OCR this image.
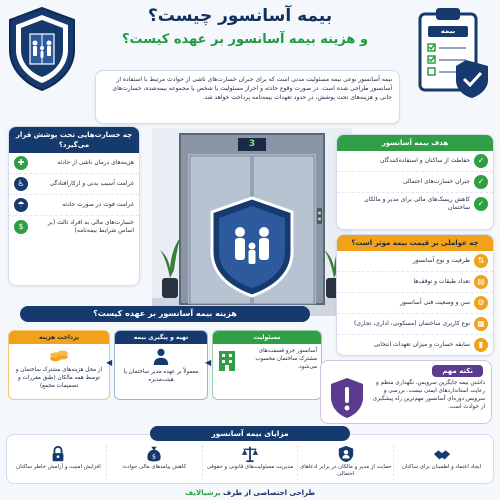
بیمه آسانسور چیست؟
و هزینه بیمه آسانسور بر عهده کیست؟
بیمه
بیمه آسانسور نوعی بیمه مسئولیت مدنی است که برای جبران خسارت‌های ناشی از حوادث مرتبط با استفاده از آسانسور طراحی شده است. در صورت وقوع حادثه و احراز مسئولیت یا شخص یا مجموعه بیمه‌شده، خسارت‌های جانی و هزینه‌های تحت پوشش، در حدود تعهدات بیمه‌نامه پرداخت خواهد شد.
چه خسارت‌هایی تحت پوشش قرار می‌گیرد؟
هزینه‌های درمان ناشی از حادثه
✚
غرامت آسیب بدنی و ازکارافتادگی
♿
غرامت فوت در صورت حادثه
☂
خسارت‌های مالی به افراد ثالث (بر اساس شرایط بیمه‌نامه)
$
3	هدف بیمه آسانسور
✓
حفاظت از ساکنان و استفاده‌کنندگان
✓
جبران خسارت‌های احتمالی
✓
کاهش ریسک‌های مالی برای مدیر و مالکان ساختمان
چه عواملی بر قیمت بیمه موثر است؟
⇅
ظرفیت و نوع آسانسور
▤
تعداد طبقات و توقف‌ها
⚙
سن و وضعیت فنی آسانسور
▦
نوع کاربری ساختمان (مسکونی، اداری، تجاری)
▮
سابقه خسارت و میزان تعهدات انتخابی
هزینه بیمه آسانسور بر عهده کیست؟
مسئولیت
آسانسور جزو قسمت‌های مشترک ساختمان محسوب می‌شود.
تهیه و پیگیری بیمه
معمولاً بر عهده مدیر ساختمان یا هیئت‌مدیره
پرداخت هزینه
از محل هزینه‌های مشترک ساختمان و توسط همه مالکان (طبق مقررات و تصمیمات مجمع)
◀
◀
نکته مهم
داشتن بیمه جایگزین سرویس، نگهداری منظم و رعایت استانداردهای ایمنی نیست. بررسی و سرویس دوره‌ای آسانسور مهم‌ترین راه پیشگیری از حوادث است.
ایجاد اعتماد و اطمینان برای ساکنان
حمایت از مدیر و مالکان در برابر ادعاهای احتمالی
مدیریت مسئولیت‌های قانونی و حقوقی
$
کاهش پیامدهای مالی حوادث
افزایش امنیت و آرامش خاطر ساکنان
مزایای بیمه آسانسور
طراحی اختصاصی از طرف پرشیالایف
